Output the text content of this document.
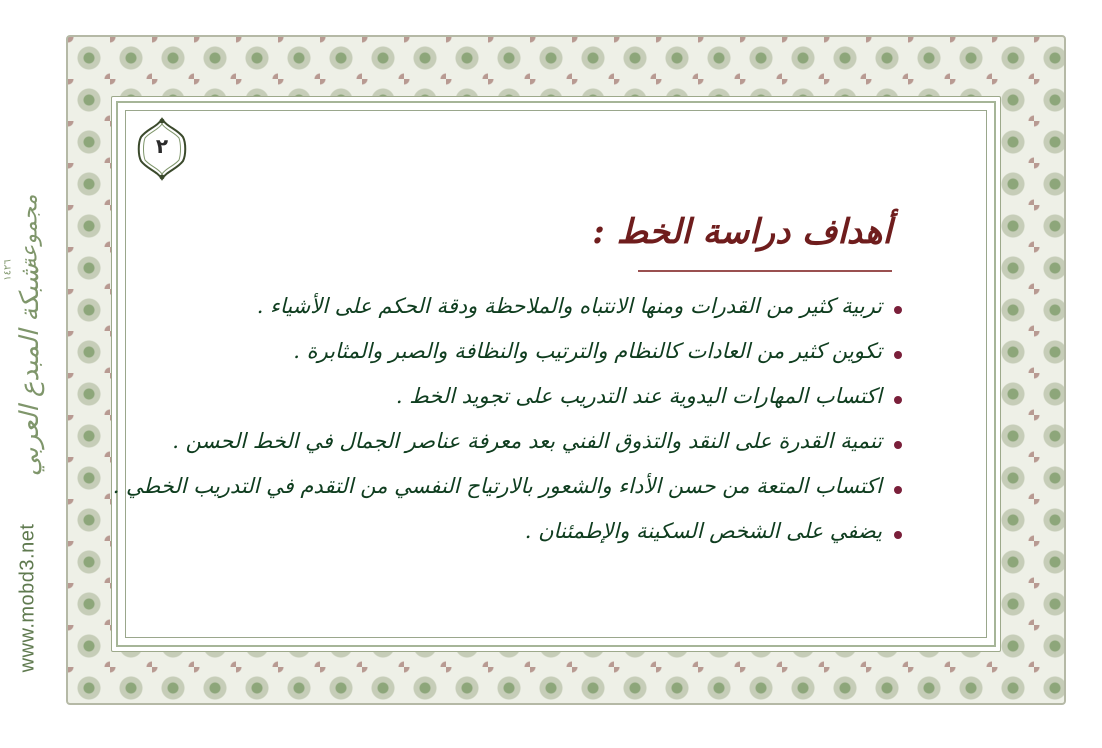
٢
أهداف دراسة الخط :
تربية كثير من القدرات ومنها الانتباه والملاحظة ودقة الحكم على الأشياء .
تكوين كثير من العادات كالنظام والترتيب والنظافة والصبر والمثابرة .
اكتساب المهارات اليدوية عند التدريب على تجويد الخط .
تنمية القدرة على النقد والتذوق الفني بعد معرفة عناصر الجمال في الخط الحسن .
اكتساب المتعة من حسن الأداء والشعور بالارتياح النفسي من التقدم في التدريب الخطي .
يضفي على الشخص السكينة والإطمئنان .
١٤٢٦
مجموعة
شبكة المبدع العربي
www.mobd3.net
